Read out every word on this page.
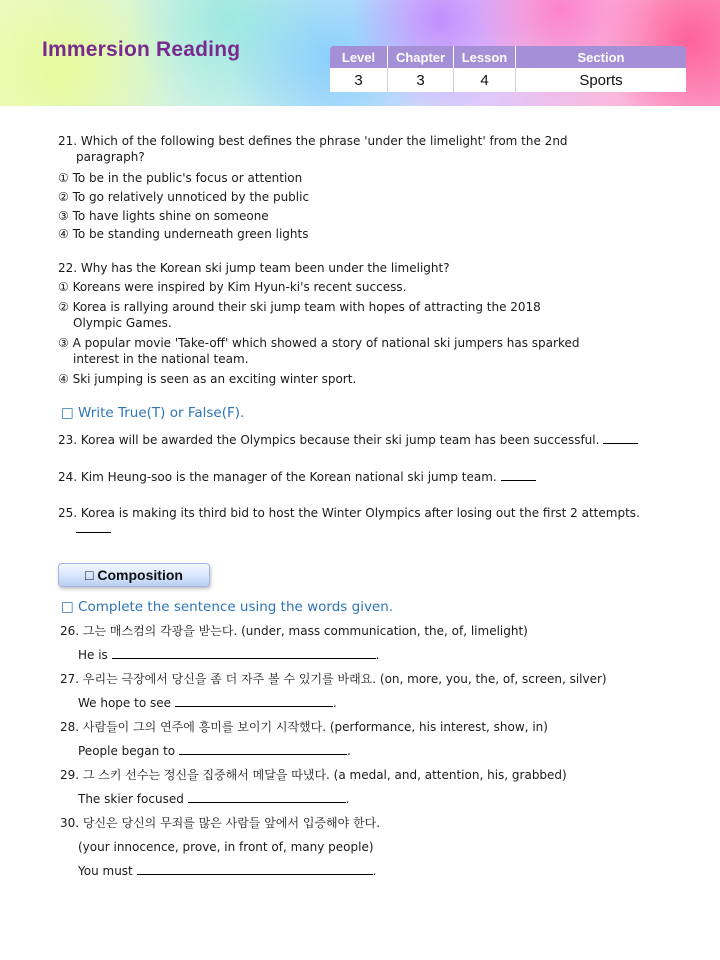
Immersion Reading	Level	Chapter	Lesson	Section
3	3	4	Sports
21. Which of the following best defines the phrase 'under the limelight' from the 2nd
paragraph?
① To be in the public's focus or attention
② To go relatively unnoticed by the public
③ To have lights shine on someone
④ To be standing underneath green lights
22. Why has the Korean ski jump team been under the limelight?
① Koreans were inspired by Kim Hyun-ki's recent success.
② Korea is rallying around their ski jump team with hopes of attracting the 2018
Olympic Games.
③ A popular movie 'Take-off' which showed a story of national ski jumpers has sparked
interest in the national team.
④ Ski jumping is seen as an exciting winter sport.
□ Write True(T) or False(F).
23. Korea will be awarded the Olympics because their ski jump team has been successful.
24. Kim Heung-soo is the manager of the Korean national ski jump team.
25. Korea is making its third bid to host the Winter Olympics after losing out the first 2 attempts.
□ Composition
□ Complete the sentence using the words given.
26. 그는 매스컴의 각광을 받는다. (under, mass communication, the, of, limelight)
He is	.
27. 우리는 극장에서 당신을 좀 더 자주 볼 수 있기를 바래요. (on, more, you, the, of, screen, silver)
We hope to see	.
28. 사람들이 그의 연주에 흥미를 보이기 시작했다. (performance, his interest, show, in)
People began to	.
29. 그 스키 선수는 정신을 집중해서 메달을 따냈다. (a medal, and, attention, his, grabbed)
The skier focused	.
30. 당신은 당신의 무죄를 많은 사람들 앞에서 입증해야 한다.
(your innocence, prove, in front of, many people)
You must	.
